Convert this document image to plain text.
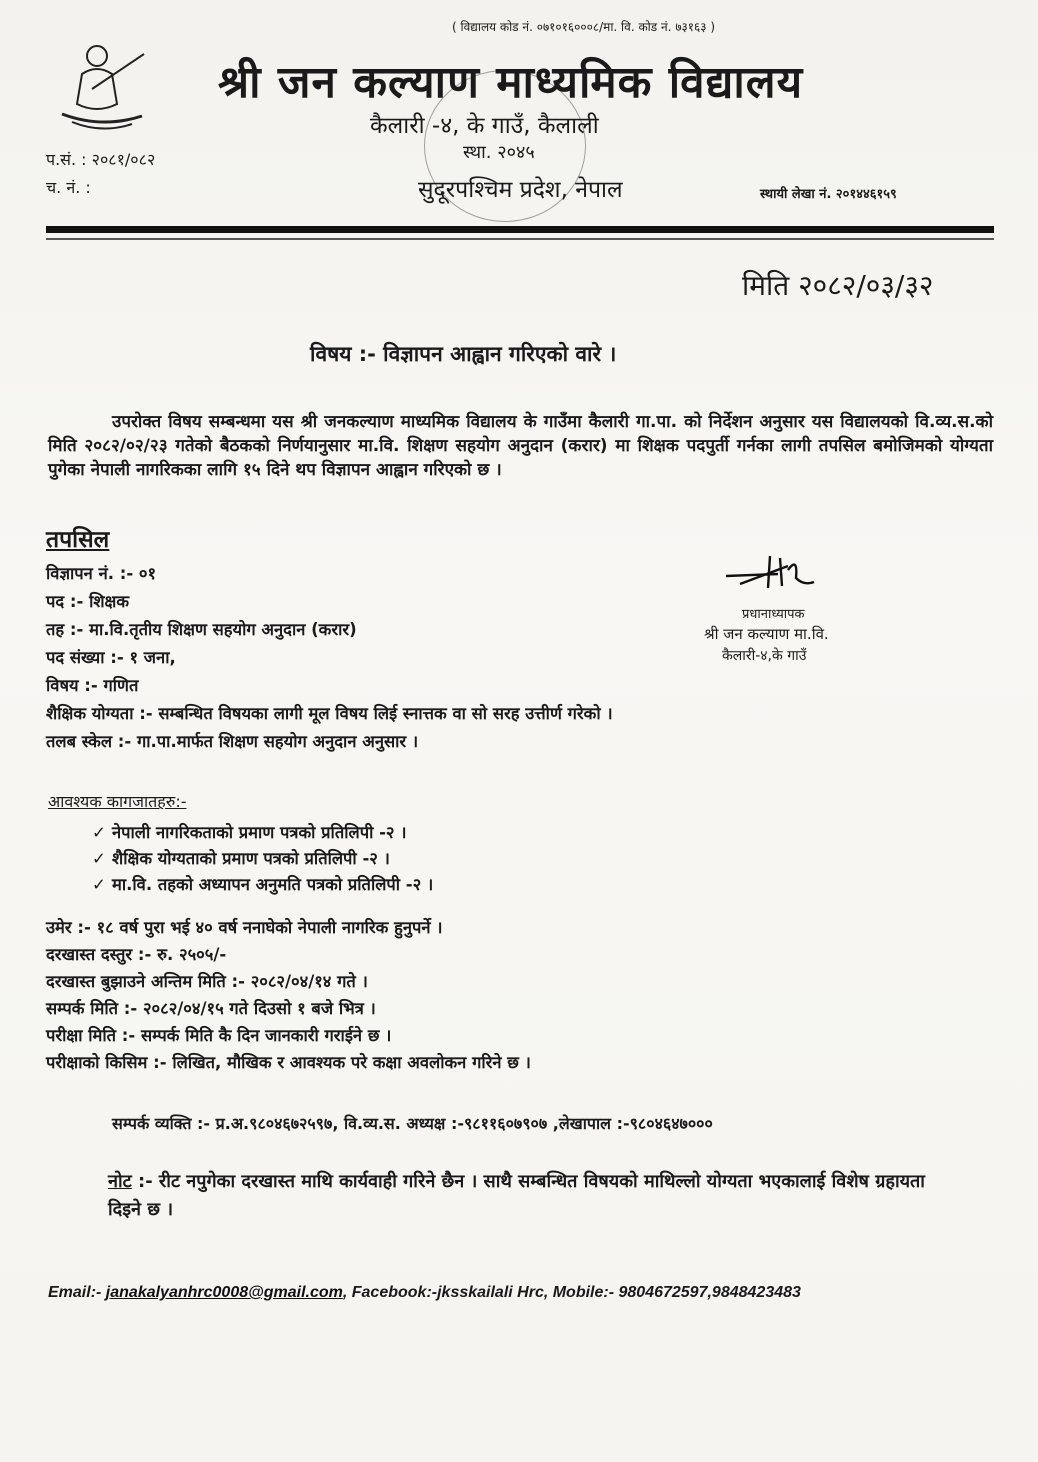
( विद्यालय कोड नं. ०७१०१६०००८/मा. वि. कोड नं. ७३१६३ )
श्री जन कल्याण माध्यमिक विद्यालय
कैलारी -४, के गाउँ, कैलाली
स्था. २०४५
सुदूरपश्चिम प्रदेश, नेपाल
प.सं. : २०८१/०८२
च. नं. :	स्थायी लेखा नं. २०१४४६१५९
मिति २०८२/०३/३२
विषय :- विज्ञापन आह्वान गरिएको वारे ।
उपरोक्त विषय सम्बन्धमा यस श्री जनकल्याण माध्यमिक विद्यालय के गाउँमा कैलारी गा.पा. को निर्देशन अनुसार यस विद्यालयको वि.व्य.स.को मिति २०८२/०२/२३ गतेको बैठकको निर्णयानुसार मा.वि. शिक्षण सहयोग अनुदान (करार) मा शिक्षक पदपुर्ती गर्नका लागी तपसिल बमोजिमको योग्यता पुगेका नेपाली नागरिकका लागि १५ दिने थप विज्ञापन आह्वान गरिएको छ ।
तपसिल
विज्ञापन नं. :- ०१
पद :- शिक्षक
तह :- मा.वि.तृतीय शिक्षण सहयोग अनुदान (करार)
पद संख्या :- १ जना,
विषय :- गणित
शैक्षिक योग्यता :- सम्बन्धित विषयका लागी मूल विषय लिई स्नात्तक वा सो सरह उत्तीर्ण गरेको ।
तलब स्केल :- गा.पा.मार्फत शिक्षण सहयोग अनुदान अनुसार ।
प्रधानाध्यापक
श्री जन कल्याण मा.वि.
कैलारी-४,के गाउँ
आवश्यक कागजातहरु:-
✓ नेपाली नागरिकताको प्रमाण पत्रको प्रतिलिपी -२ ।
✓ शैक्षिक योग्यताको प्रमाण पत्रको प्रतिलिपी -२ ।
✓ मा.वि. तहको अध्यापन अनुमति पत्रको प्रतिलिपी -२ ।
उमेर :- १८ वर्ष पुरा भई ४० वर्ष ननाघेको नेपाली नागरिक हुनुपर्ने ।
दरखास्त दस्तुर :- रु. २५०५/-
दरखास्त बुझाउने अन्तिम मिति :- २०८२/०४/१४ गते ।
सम्पर्क मिति :- २०८२/०४/१५ गते दिउसो १ बजे भित्र ।
परीक्षा मिति :- सम्पर्क मिति कै दिन जानकारी गराईने छ ।
परीक्षाको किसिम :- लिखित, मौखिक र आवश्यक परे कक्षा अवलोकन गरिने छ ।
सम्पर्क व्यक्ति :- प्र.अ.९८०४६७२५९७, वि.व्य.स. अध्यक्ष :-९८११६०७९०७ ,लेखापाल :-९८०४६४७०००
नोट :- रीट नपुगेका दरखास्त माथि कार्यवाही गरिने छैन । साथै सम्बन्धित विषयको माथिल्लो योग्यता भएकालाई विशेष ग्रहायता दिइने छ ।
Email:- janakalyanhrc0008@gmail.com, Facebook:-jksskailali Hrc, Mobile:- 9804672597,9848423483
